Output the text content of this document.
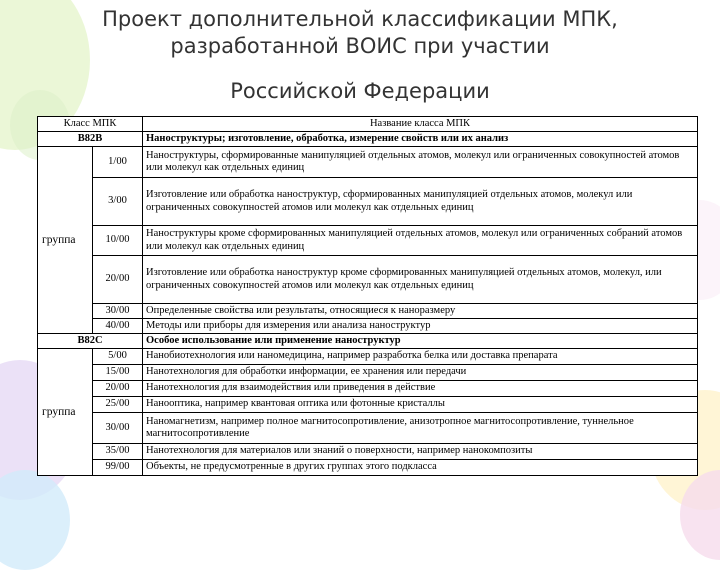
Проект дополнительной классификации МПК,
разработанной ВОИС при участии
Российской Федерации
Класс МПК		Название класса МПК
B82B		Наноструктуры; изготовление, обработка, измерение свойств или их анализ
группа	1/00	Наноструктуры, сформированные манипуляцией отдельных атомов, молекул или ограниченных совокупностей атомов или молекул как отдельных единиц
	3/00	Изготовление или обработка наноструктур, сформированных манипуляцией отдельных атомов, молекул или ограниченных совокупностей атомов или молекул как отдельных единиц
	10/00	Наноструктуры кроме сформированных манипуляцией отдельных атомов, молекул или ограниченных собраний атомов или молекул как отдельных единиц
	20/00	Изготовление или обработка наноструктур кроме сформированных манипуляцией отдельных атомов, молекул, или ограниченных совокупностей атомов или молекул как отдельных единиц
	30/00	Определенные свойства или результаты, относящиеся к наноразмеру
	40/00	Методы или приборы для измерения или анализа наноструктур
B82C		Особое использование или применение наноструктур
группа	5/00	Нанобиотехнология или наномедицина, например разработка белка или доставка препарата
	15/00	Нанотехнология для обработки информации, ее хранения или передачи
	20/00	Нанотехнология для взаимодействия или приведения в действие
	25/00	Нанооптика, например квантовая оптика или фотонные кристаллы
	30/00	Наномагнетизм, например полное магнитосопротивление, анизотропное магнитосопротивление, туннельное магнитосопротивление
	35/00	Нанотехнология для материалов или знаний о поверхности, например нанокомпозиты
	99/00	Объекты, не предусмотренные в других группах этого подкласса
